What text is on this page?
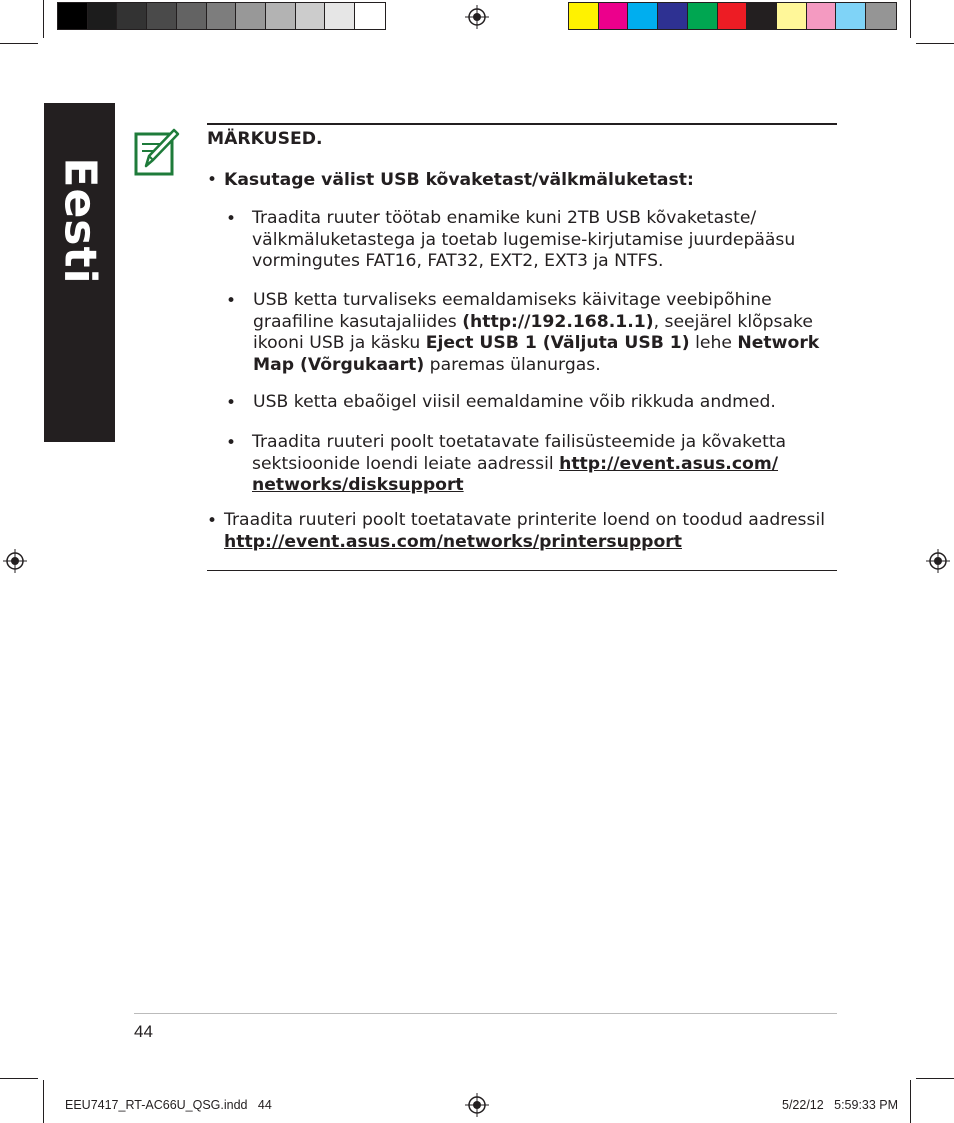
Eesti
MÄRKUSED.
• Kasutage välist USB kõvaketast/välkmäluketast:
• Traadita ruuter töötab enamike kuni 2TB USB kõvaketaste/
välkmäluketastega ja toetab lugemise-kirjutamise juurdepääsu
vormingutes FAT16, FAT32, EXT2, EXT3 ja NTFS.
• USB ketta turvaliseks eemaldamiseks käivitage veebipõhine
graafiline kasutajaliides (http://192.168.1.1), seejärel klõpsake
ikooni USB ja käsku Eject USB 1 (Väljuta USB 1) lehe Network
Map (Võrgukaart) paremas ülanurgas.
• USB ketta ebaõigel viisil eemaldamine võib rikkuda andmed.
• Traadita ruuteri poolt toetatavate failisüsteemide ja kõvaketta
sektsioonide loendi leiate aadressil http://event.asus.com/
networks/disksupport
• Traadita ruuteri poolt toetatavate printerite loend on toodud aadressil
http://event.asus.com/networks/printersupport
44
EEU7417_RT-AC66U_QSG.indd   44	5/22/12   5:59:33 PM
